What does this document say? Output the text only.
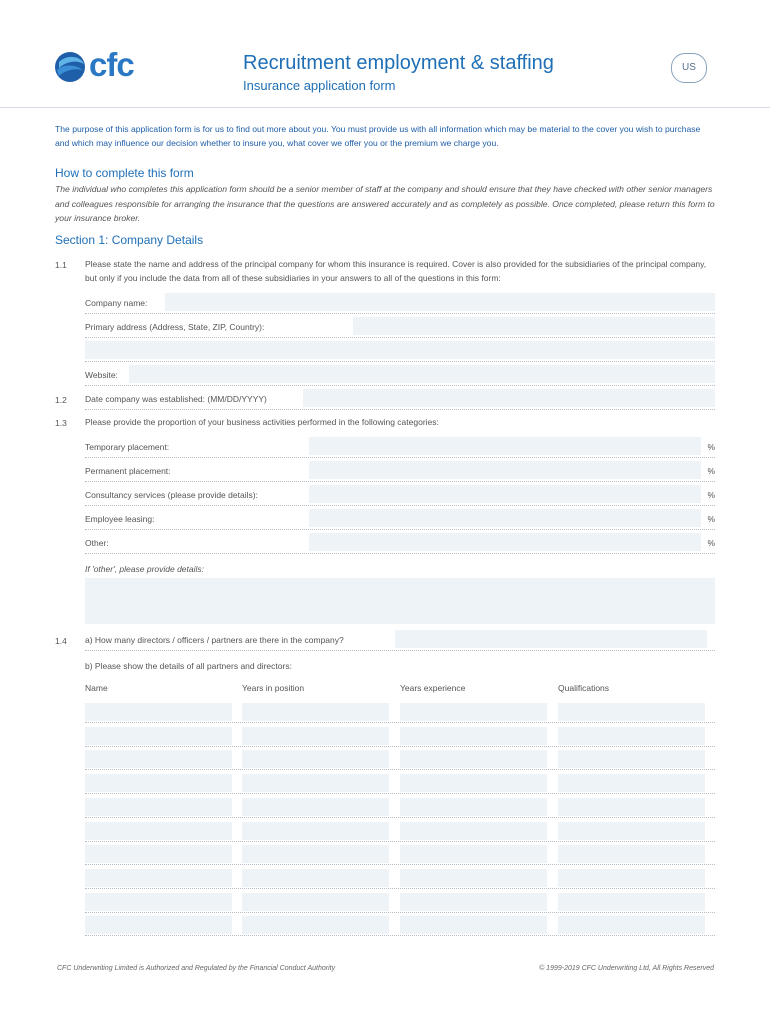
cfc	Recruitment employment & staffing
Insurance application form
US
The purpose of this application form is for us to find out more about you. You must provide us with all information which may be material to the cover you wish to purchase and which may influence our decision whether to insure you, what cover we offer you or the premium we charge you.
How to complete this form
The individual who completes this application form should be a senior member of staff at the company and should ensure that they have checked with other senior managers and colleagues responsible for arranging the insurance that the questions are answered accurately and as completely as possible. Once completed, please return this form to your insurance broker.
Section 1: Company Details
1.1 Please state the name and address of the principal company for whom this insurance is required. Cover is also provided for the subsidiaries of the principal company, but only if you include the data from all of these subsidiaries in your answers to all of the questions in this form:
Company name:
Primary address (Address, State, ZIP, Country):
Website:
1.2 Date company was established: (MM/DD/YYYY)
1.3 Please provide the proportion of your business activities performed in the following categories:
Temporary placement:	%
Permanent placement:	%
Consultancy services (please provide details):	%
Employee leasing:	%
Other:	%
If 'other', please provide details:
1.4 a) How many directors / officers / partners are there in the company?
b) Please show the details of all partners and directors:
Name	Years in position	Years experience	Qualifications
CFC Underwriting Limited is Authorized and Regulated by the Financial Conduct Authority	© 1999-2019 CFC Underwriting Ltd, All Rights Reserved
